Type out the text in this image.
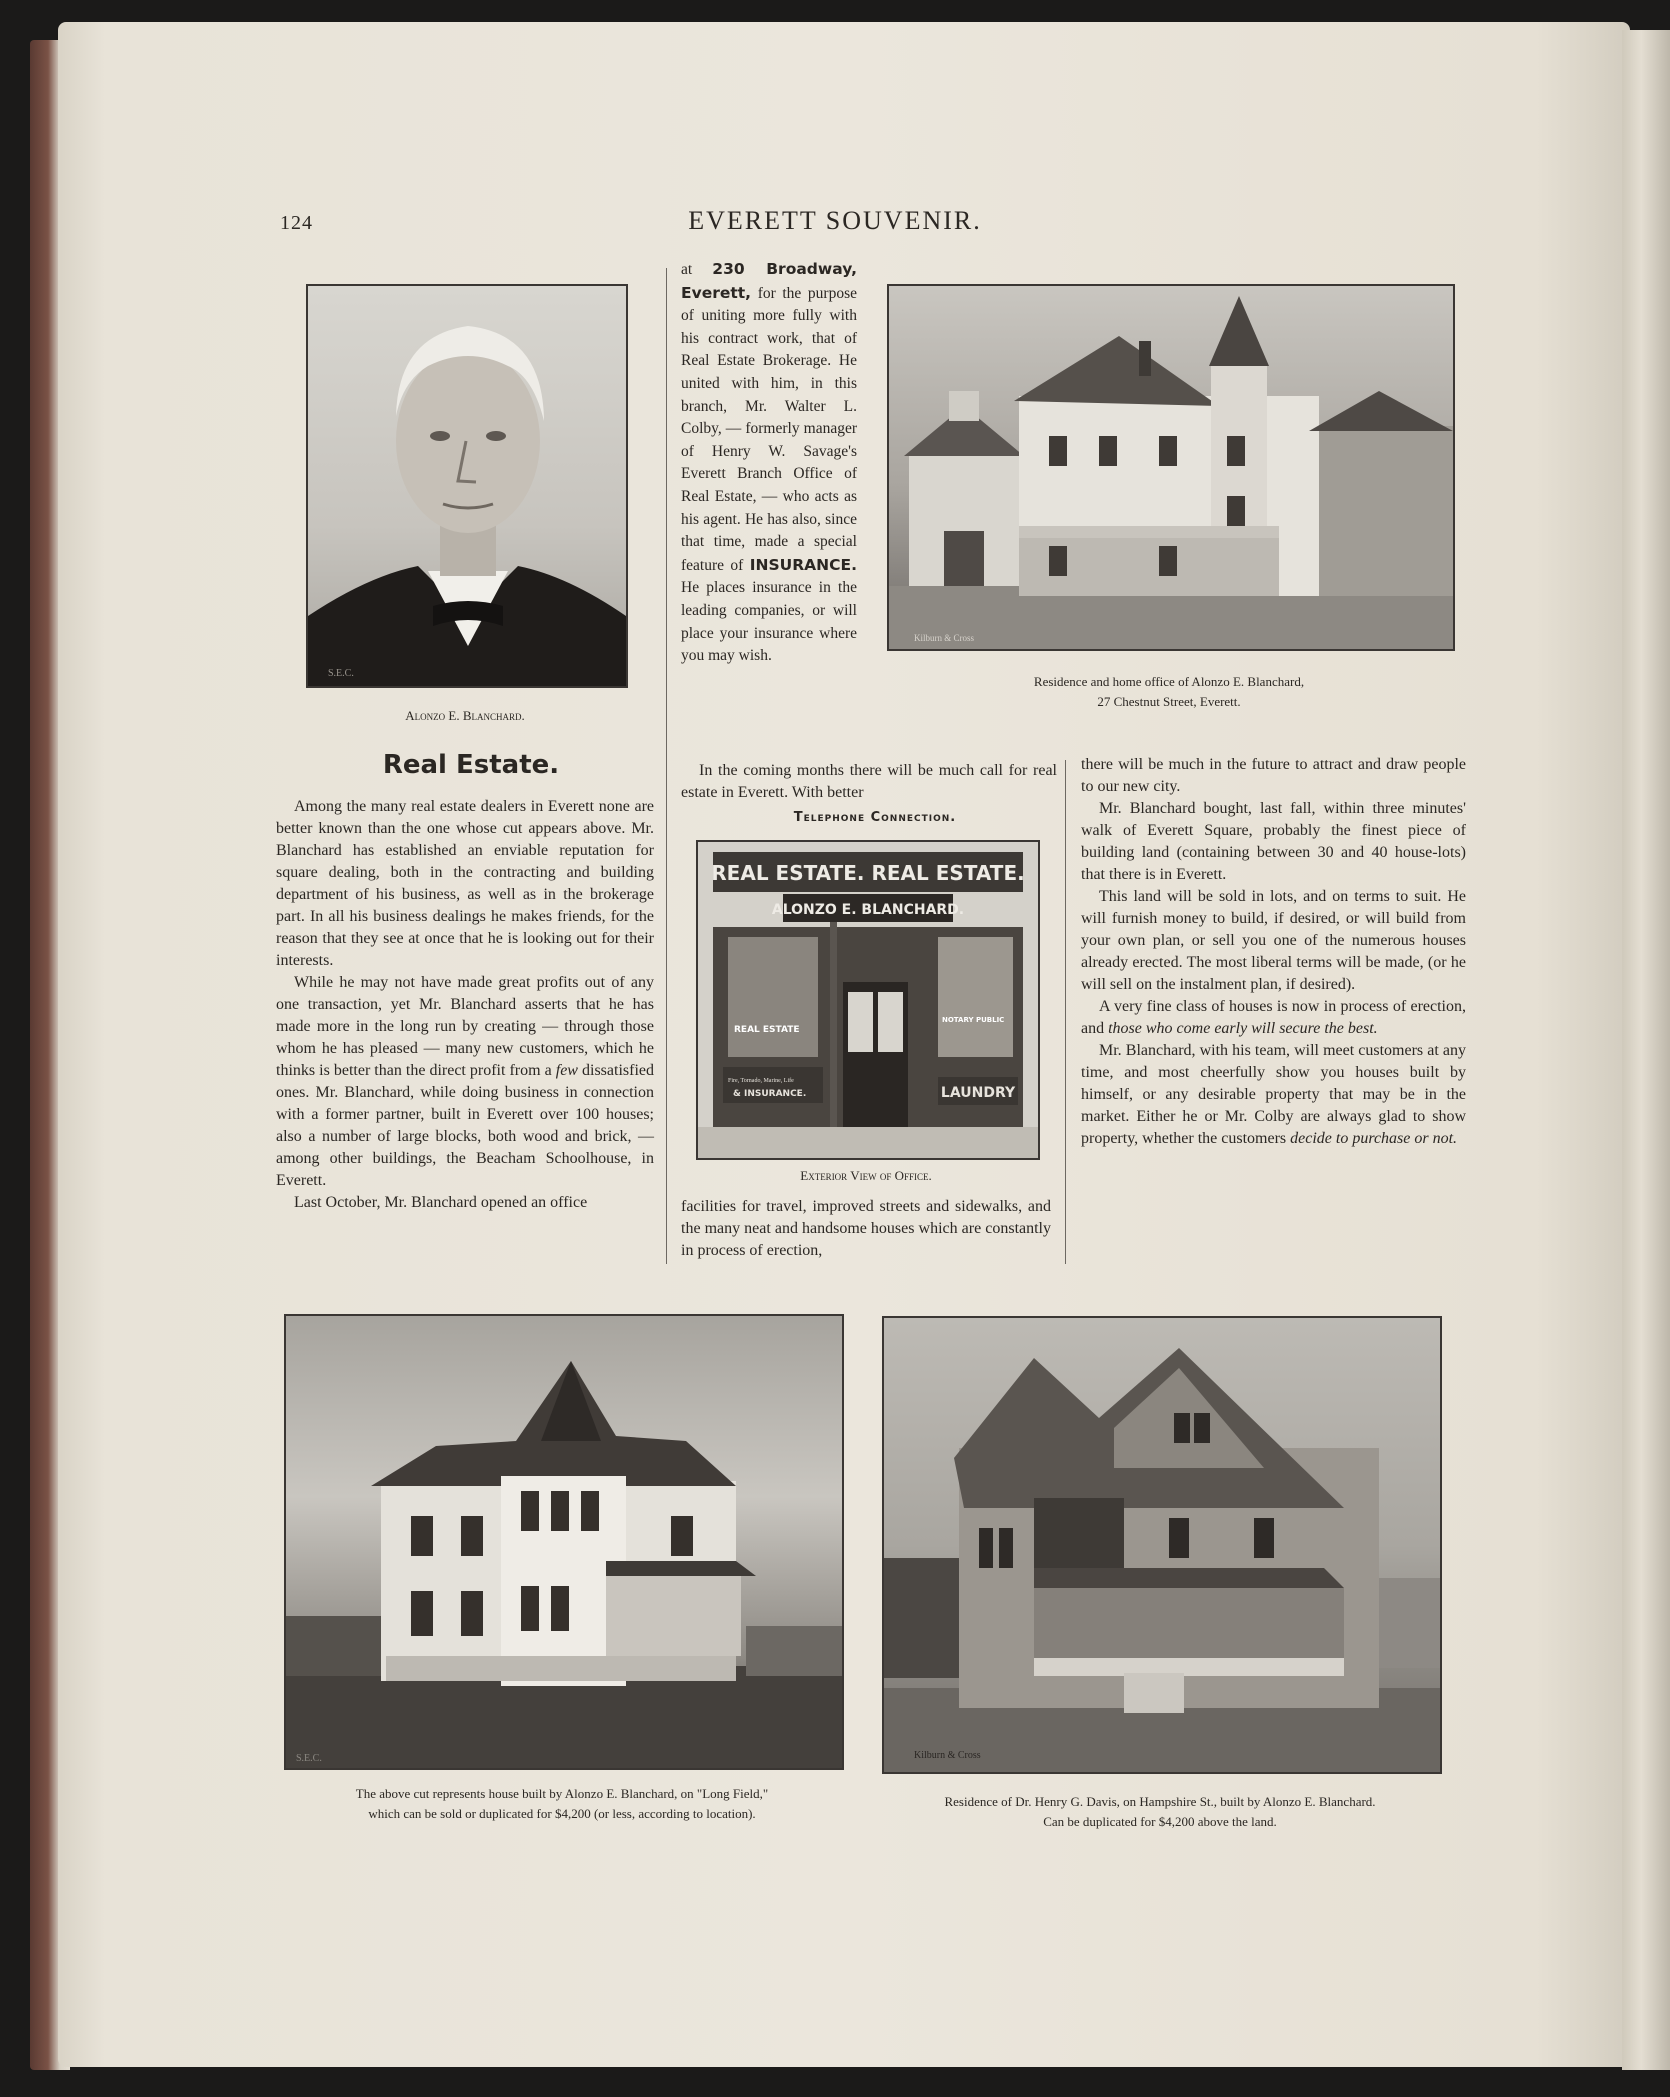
124	EVERETT SOUVENIR.
S.E.C.
Alonzo E. Blanchard.
Kilburn & Cross
Residence and home office of Alonzo E. Blanchard,
27 Chestnut Street, Everett.
REAL ESTATE. REAL ESTATE.
ALONZO E. BLANCHARD.
REAL ESTATE
NOTARY PUBLIC
Fire, Tornado, Marine, Life
& INSURANCE.	LAUNDRY
Exterior View of Office.
Real Estate.

Among the many real estate dealers in Everett none are better known than the one whose cut appears above. Mr. Blanchard has established an enviable reputation for square dealing, both in the contracting and building department of his business, as well as in the brokerage part. In all his business dealings he makes friends, for the reason that they see at once that he is looking out for their interests.

While he may not have made great profits out of any one transaction, yet Mr. Blanchard asserts that he has made more in the long run by creating — through those whom he has pleased — many new customers, which he thinks is better than the direct profit from a few dissatisfied ones. Mr. Blanchard, while doing business in connection with a former partner, built in Everett over 100 houses; also a number of large blocks, both wood and brick, — among other buildings, the Beacham Schoolhouse, in Everett.

Last October, Mr. Blanchard opened an office

at 230 Broadway, Everett, for the purpose of uniting more fully with his contract work, that of Real Estate Brokerage. He united with him, in this branch, Mr. Walter L. Colby, — formerly manager of Henry W. Savage's Everett Branch Office of Real Estate, — who acts as his agent. He has also, since that time, made a special feature of INSURANCE. He places insurance in the leading companies, or will place your insurance where you may wish.

In the coming months there will be much call for real estate in Everett. With better

Telephone Connection.

facilities for travel, improved streets and sidewalks, and the many neat and handsome houses which are constantly in process of erection,

there will be much in the future to attract and draw people to our new city.

Mr. Blanchard bought, last fall, within three minutes' walk of Everett Square, probably the finest piece of building land (containing between 30 and 40 house-lots) that there is in Everett.

This land will be sold in lots, and on terms to suit. He will furnish money to build, if desired, or will build from your own plan, or sell you one of the numerous houses already erected. The most liberal terms will be made, (or he will sell on the instalment plan, if desired).

A very fine class of houses is now in process of erection, and those who come early will secure the best.

Mr. Blanchard, with his team, will meet customers at any time, and most cheerfully show you houses built by himself, or any desirable property that may be in the market. Either he or Mr. Colby are always glad to show property, whether the customers decide to purchase or not.

S.E.C.
The above cut represents house built by Alonzo E. Blanchard, on "Long Field,"
which can be sold or duplicated for $4,200 (or less, according to location).
Kilburn & Cross
Residence of Dr. Henry G. Davis, on Hampshire St., built by Alonzo E. Blanchard.
Can be duplicated for $4,200 above the land.
